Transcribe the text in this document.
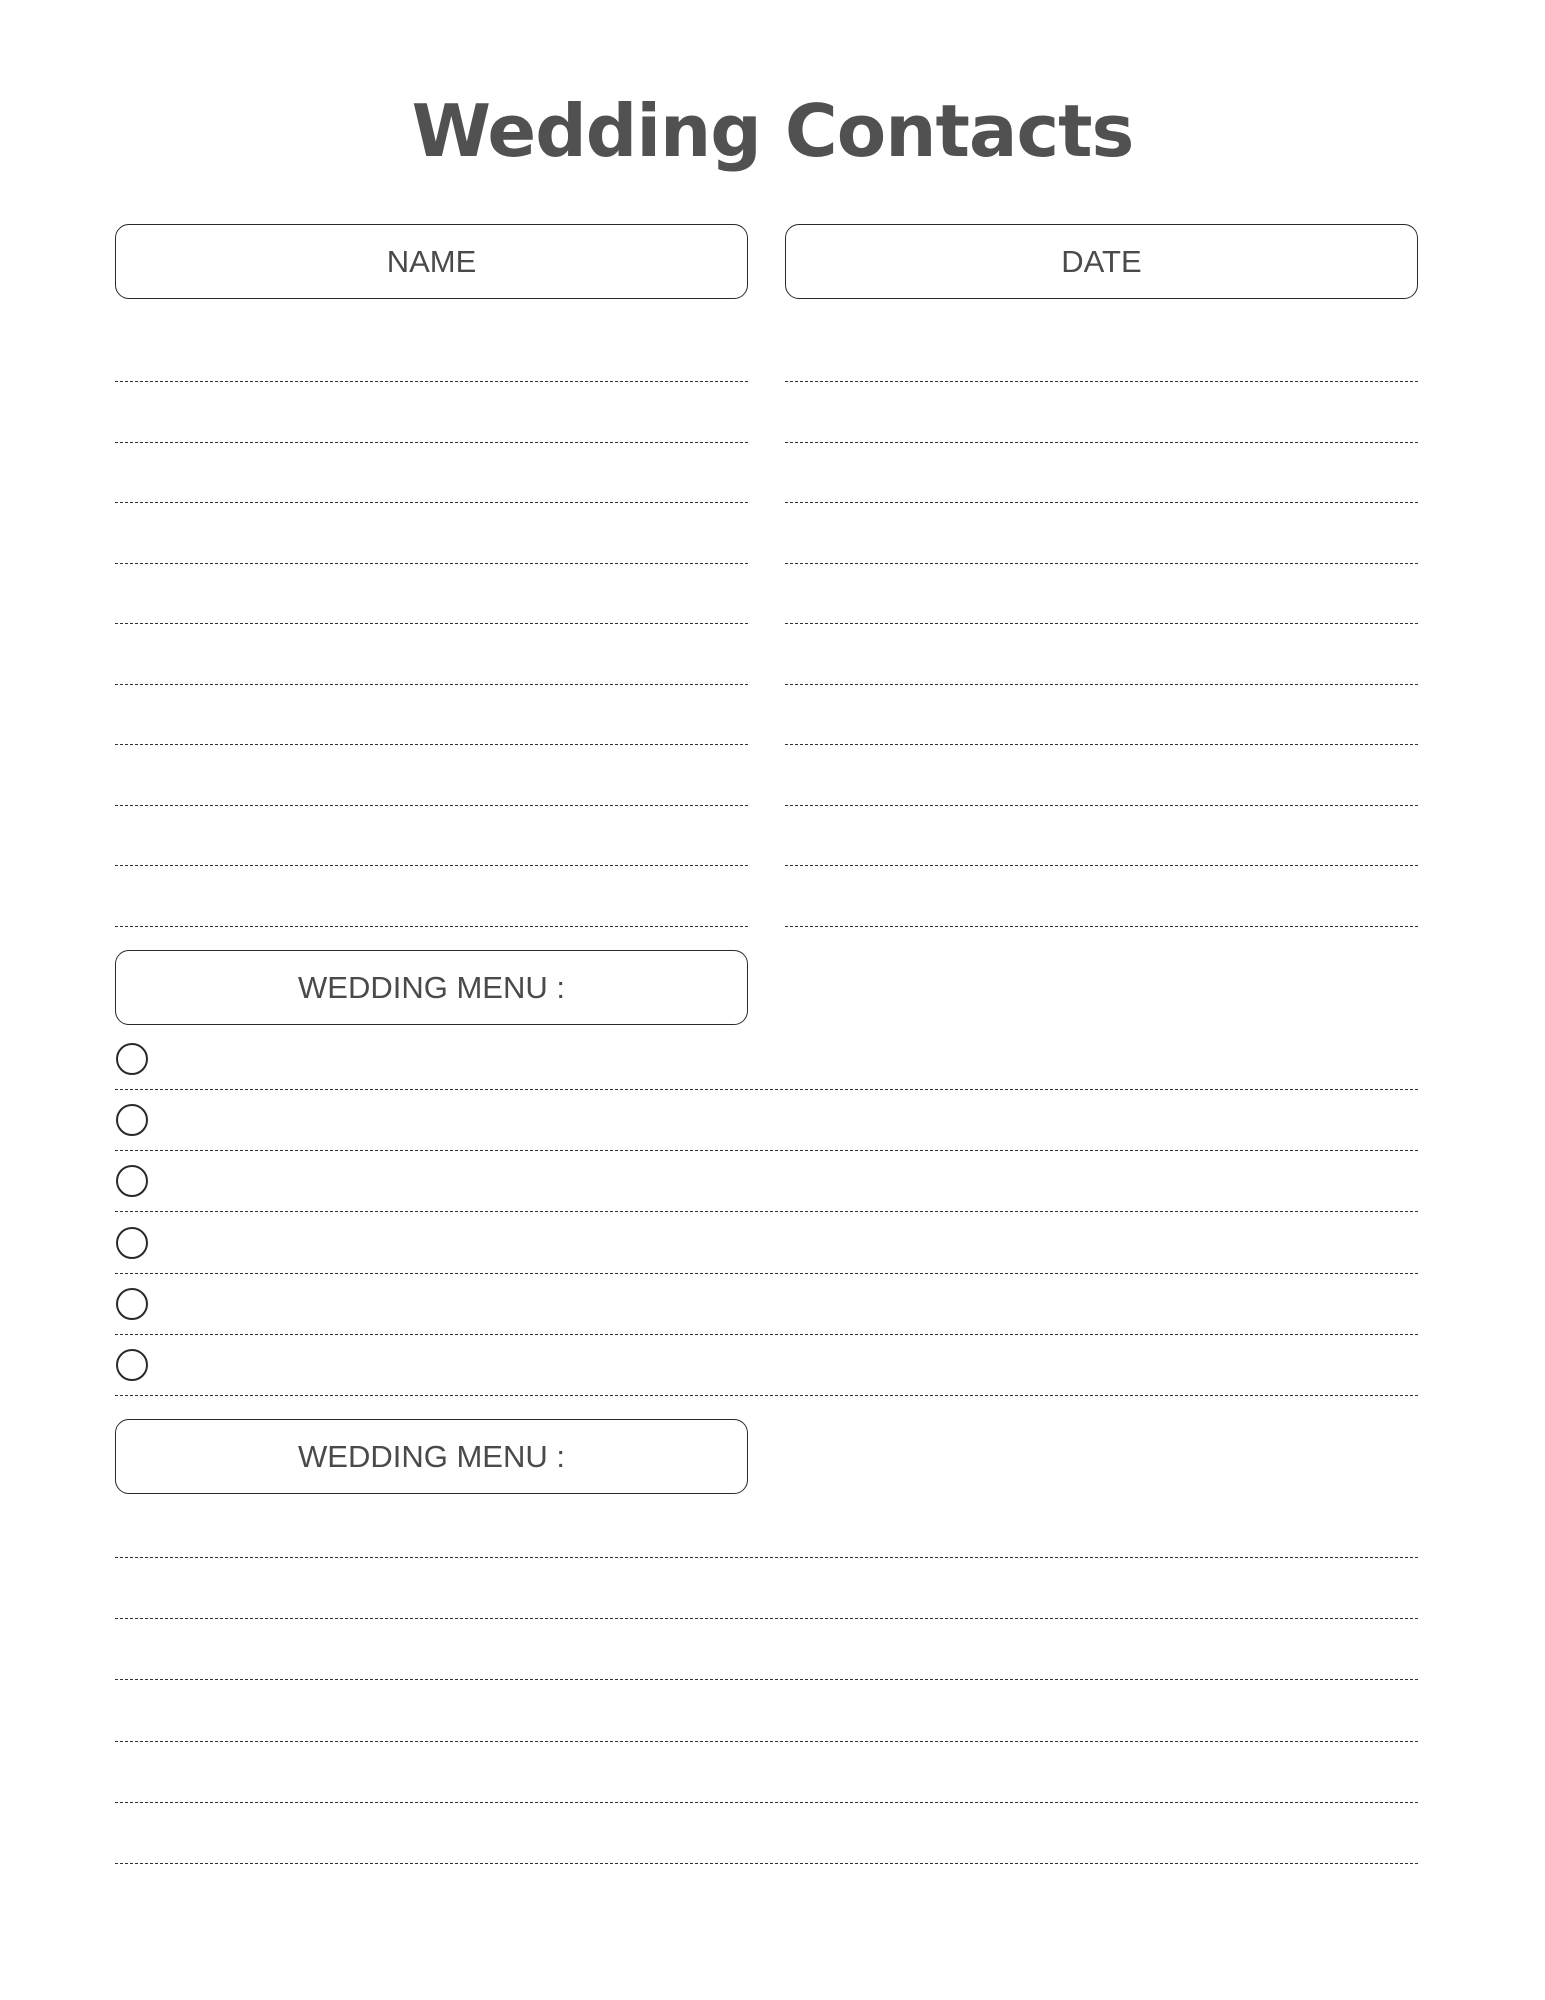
Wedding Contacts
NAME	DATE
WEDDING MENU :
WEDDING MENU :
